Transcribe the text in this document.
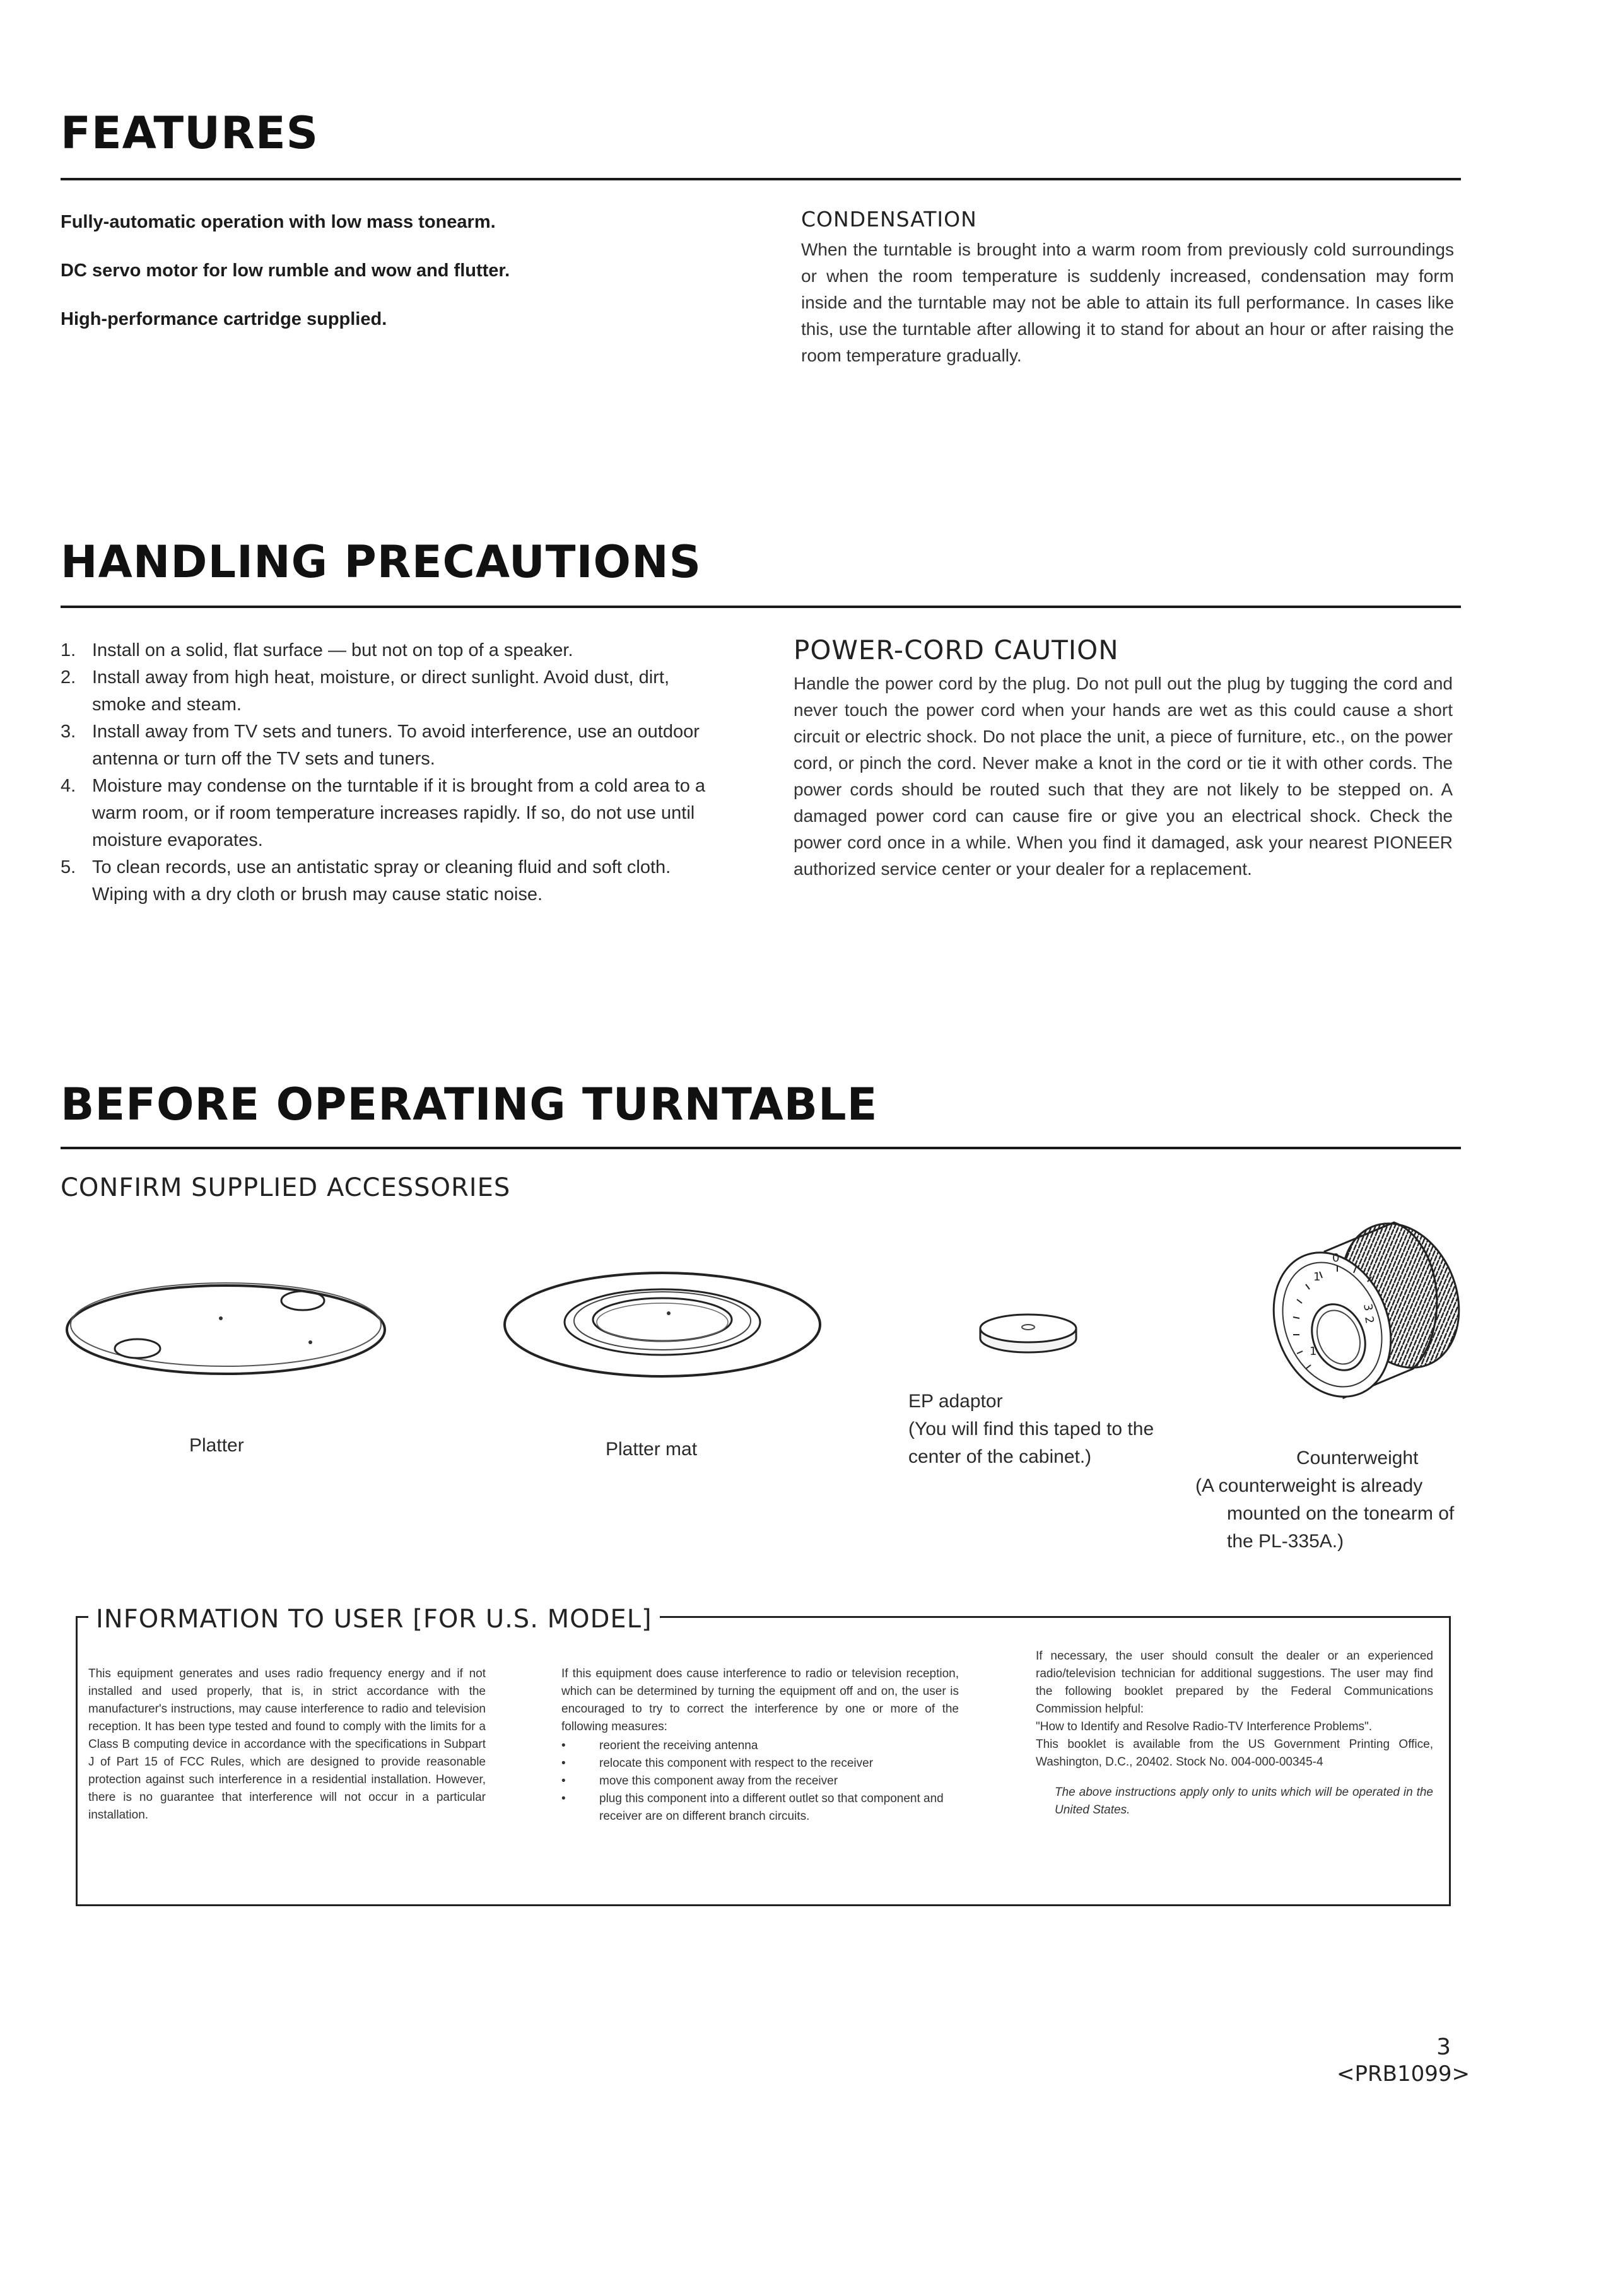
FEATURES

Fully-automatic operation with low mass tonearm.

DC servo motor for low rumble and wow and flutter.

High-performance cartridge supplied.

CONDENSATION

When the turntable is brought into a warm room from previously cold surroundings or when the room temperature is suddenly increased, condensation may form inside and the turntable may not be able to attain its full performance. In cases like this, use the turntable after allowing it to stand for about an hour or after raising the room temperature gradually.

HANDLING PRECAUTIONS
1. Install on a solid, flat surface — but not on top of a speaker.
2. Install away from high heat, moisture, or direct sunlight. Avoid dust, dirt, smoke and steam.
3. Install away from TV sets and tuners. To avoid interference, use an outdoor antenna or turn off the TV sets and tuners.
4. Moisture may condense on the turntable if it is brought from a cold area to a warm room, or if room temperature increases rapidly. If so, do not use until moisture evaporates.
5. To clean records, use an antistatic spray or cleaning fluid and soft cloth. Wiping with a dry cloth or brush may cause static noise.

POWER-CORD CAUTION

Handle the power cord by the plug. Do not pull out the plug by tugging the cord and never touch the power cord when your hands are wet as this could cause a short circuit or electric shock. Do not place the unit, a piece of furniture, etc., on the power cord, or pinch the cord. Never make a knot in the cord or tie it with other cords. The power cords should be routed such that they are not likely to be stepped on. A damaged power cord can cause fire or give you an electrical shock. Check the power cord once in a while. When you find it damaged, ask your nearest PIONEER authorized service center or your dealer for a replacement.

BEFORE OPERATING TURNTABLE

CONFIRM SUPPLIED ACCESSORIES

Platter	Platter mat
EP adaptor
(You will find this taped to the
center of the cabinet.)
1
0
3
2
1
Counterweight
(A counterweight is already
mounted on the tonearm of
the PL-335A.)
INFORMATION TO USER [FOR U.S. MODEL]

This equipment generates and uses radio frequency energy and if not installed and used properly, that is, in strict accordance with the manufacturer's instructions, may cause interference to radio and television reception. It has been type tested and found to comply with the limits for a Class B computing device in accordance with the specifications in Subpart J of Part 15 of FCC Rules, which are designed to provide reasonable protection against such interference in a residential installation. However, there is no guarantee that interference will not occur in a particular installation.

If this equipment does cause interference to radio or television reception, which can be determined by turning the equipment off and on, the user is encouraged to try to correct the interference by one or more of the following measures:

•	reorient the receiving antenna
•	relocate this component with respect to the receiver
•	move this component away from the receiver
•	plug this component into a different outlet so that component and receiver are on different branch circuits.

If necessary, the user should consult the dealer or an experienced radio/television technician for additional suggestions. The user may find the following booklet prepared by the Federal Communications Commission helpful:

"How to Identify and Resolve Radio-TV Interference Problems".

This booklet is available from the US Government Printing Office, Washington, D.C., 20402. Stock No. 004-000-00345-4

The above instructions apply only to units which will be operated in the United States.

3
<PRB1099>
